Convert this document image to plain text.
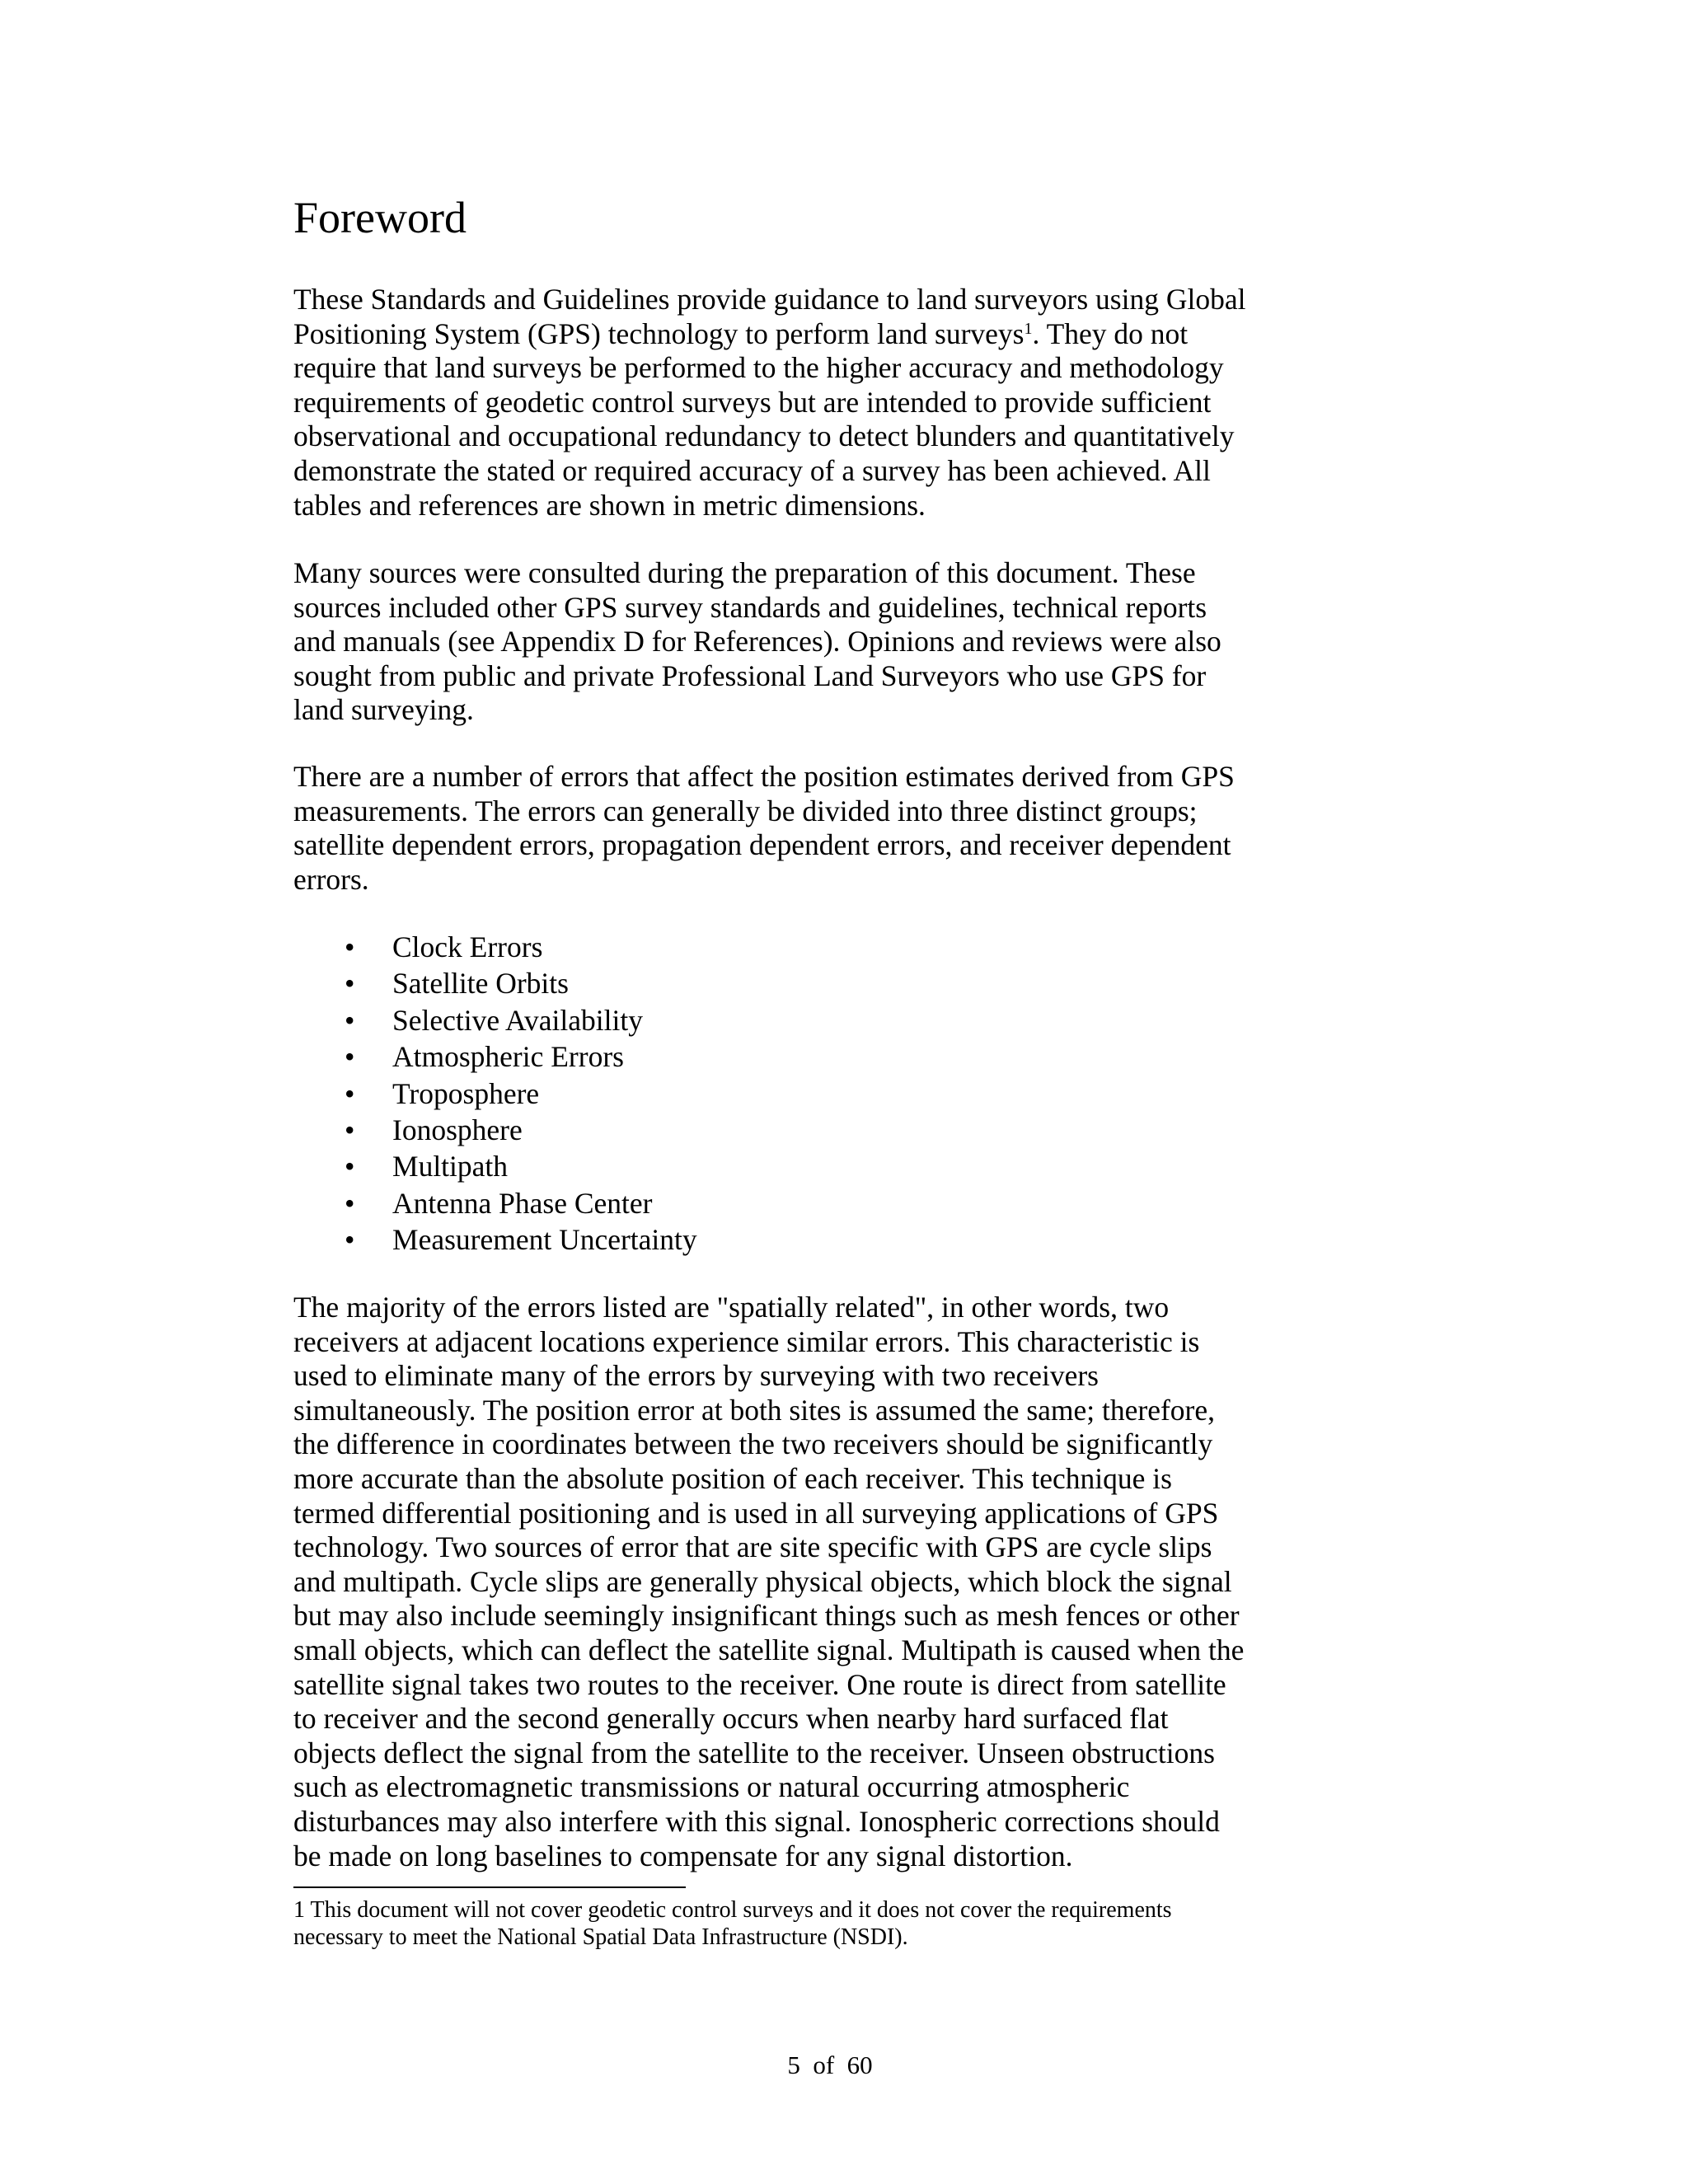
Foreword

These Standards and Guidelines provide guidance to land surveyors using Global
Positioning System (GPS) technology to perform land surveys$^1$. They do not
require that land surveys be performed to the higher accuracy and methodology
requirements of geodetic control surveys but are intended to provide sufficient
observational and occupational redundancy to detect blunders and quantitatively
demonstrate the stated or required accuracy of a survey has been achieved. All
tables and references are shown in metric dimensions.

Many sources were consulted during the preparation of this document. These
sources included other GPS survey standards and guidelines, technical reports
and manuals (see Appendix D for References). Opinions and reviews were also
sought from public and private Professional Land Surveyors who use GPS for
land surveying.

There are a number of errors that affect the position estimates derived from GPS
measurements. The errors can generally be divided into three distinct groups;
satellite dependent errors, propagation dependent errors, and receiver dependent
errors.

• Clock Errors
• Satellite Orbits
• Selective Availability
• Atmospheric Errors
• Troposphere
• Ionosphere
• Multipath
• Antenna Phase Center
• Measurement Uncertainty

The majority of the errors listed are "spatially related", in other words, two
receivers at adjacent locations experience similar errors. This characteristic is
used to eliminate many of the errors by surveying with two receivers
simultaneously. The position error at both sites is assumed the same; therefore,
the difference in coordinates between the two receivers should be significantly
more accurate than the absolute position of each receiver. This technique is
termed differential positioning and is used in all surveying applications of GPS
technology. Two sources of error that are site specific with GPS are cycle slips
and multipath. Cycle slips are generally physical objects, which block the signal
but may also include seemingly insignificant things such as mesh fences or other
small objects, which can deflect the satellite signal. Multipath is caused when the
satellite signal takes two routes to the receiver. One route is direct from satellite
to receiver and the second generally occurs when nearby hard surfaced flat
objects deflect the signal from the satellite to the receiver. Unseen obstructions
such as electromagnetic transmissions or natural occurring atmospheric
disturbances may also interfere with this signal. Ionospheric corrections should
be made on long baselines to compensate for any signal distortion.

1 This document will not cover geodetic control surveys and it does not cover the requirements
necessary to meet the National Spatial Data Infrastructure (NSDI).

5  of  60
